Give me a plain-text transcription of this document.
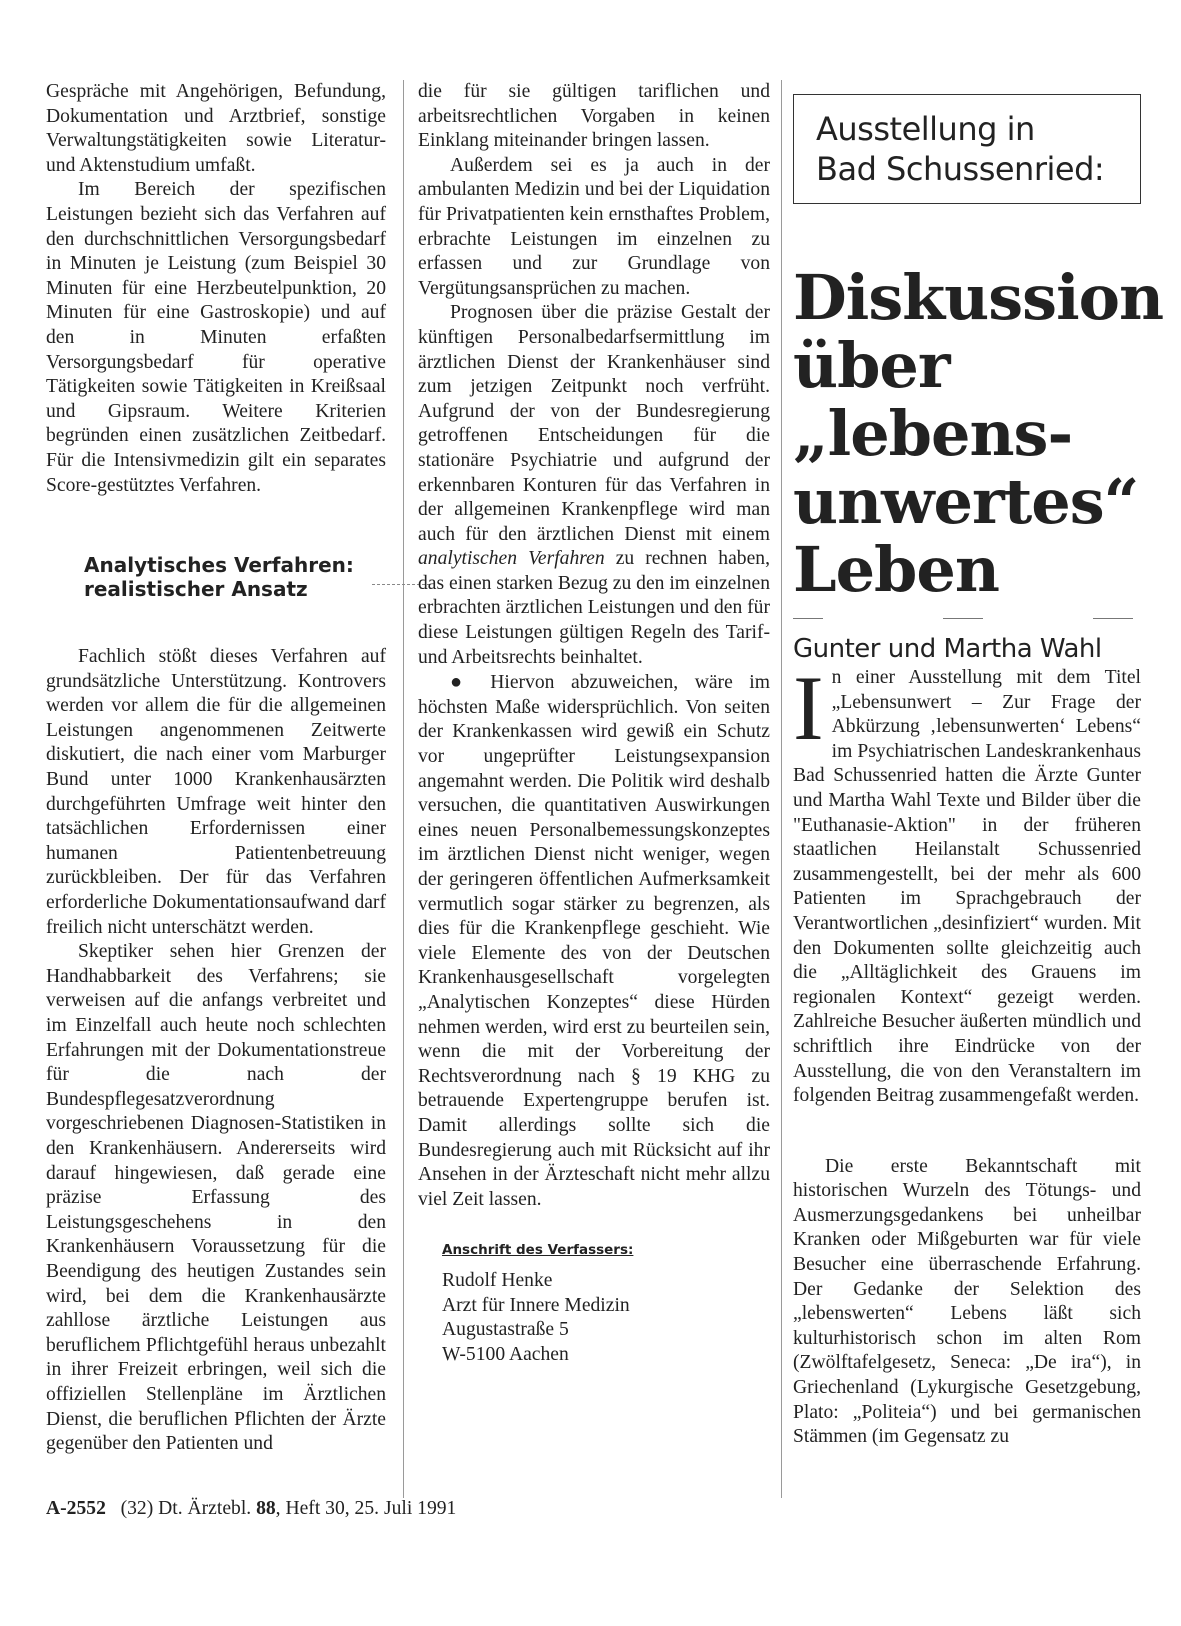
Gespräche mit Angehörigen, Befundung, Dokumentation und Arztbrief, sonstige Verwaltungstätigkeiten sowie Literatur- und Aktenstudium umfaßt.

Im Bereich der spezifischen Leistungen bezieht sich das Verfahren auf den durchschnittlichen Versorgungsbedarf in Minuten je Leistung (zum Beispiel 30 Minuten für eine Herzbeutelpunktion, 20 Minuten für eine Gastroskopie) und auf den in Minuten erfaßten Versorgungsbedarf für operative Tätigkeiten sowie Tätigkeiten in Kreißsaal und Gipsraum. Weitere Kriterien begründen einen zusätzlichen Zeitbedarf. Für die Intensivmedizin gilt ein separates Score-gestütztes Verfahren.

Analytisches Verfahren:
realistischer Ansatz

Fachlich stößt dieses Verfahren auf grundsätzliche Unterstützung. Kontrovers werden vor allem die für die allgemeinen Leistungen angenommenen Zeitwerte diskutiert, die nach einer vom Marburger Bund unter 1000 Krankenhausärzten durchgeführten Umfrage weit hinter den tatsächlichen Erfordernissen einer humanen Patientenbetreuung zurückbleiben. Der für das Verfahren erforderliche Dokumentationsaufwand darf freilich nicht unterschätzt werden.

Skeptiker sehen hier Grenzen der Handhabbarkeit des Verfahrens; sie verweisen auf die anfangs verbreitet und im Einzelfall auch heute noch schlechten Erfahrungen mit der Dokumentationstreue für die nach der Bundespflegesatzverordnung vorgeschriebenen Diagnosen-Statistiken in den Krankenhäusern. Andererseits wird darauf hingewiesen, daß gerade eine präzise Erfassung des Leistungsgeschehens in den Krankenhäusern Voraussetzung für die Beendigung des heutigen Zustandes sein wird, bei dem die Krankenhausärzte zahllose ärztliche Leistungen aus beruflichem Pflichtgefühl heraus unbezahlt in ihrer Freizeit erbringen, weil sich die offiziellen Stellenpläne im Ärztlichen Dienst, die beruflichen Pflichten der Ärzte gegenüber den Patienten und

die für sie gültigen tariflichen und arbeitsrechtlichen Vorgaben in keinen Einklang miteinander bringen lassen.

Außerdem sei es ja auch in der ambulanten Medizin und bei der Liquidation für Privatpatienten kein ernsthaftes Problem, erbrachte Leistungen im einzelnen zu erfassen und zur Grundlage von Vergütungsansprüchen zu machen.

Prognosen über die präzise Gestalt der künftigen Personalbedarfsermittlung im ärztlichen Dienst der Krankenhäuser sind zum jetzigen Zeitpunkt noch verfrüht. Aufgrund der von der Bundesregierung getroffenen Entscheidungen für die stationäre Psychiatrie und aufgrund der erkennbaren Konturen für das Verfahren in der allgemeinen Krankenpflege wird man auch für den ärztlichen Dienst mit einem analytischen Verfahren zu rechnen haben, das einen starken Bezug zu den im einzelnen erbrachten ärztlichen Leistungen und den für diese Leistungen gültigen Regeln des Tarif- und Arbeitsrechts beinhaltet.

● Hiervon abzuweichen, wäre im höchsten Maße widersprüchlich. Von seiten der Krankenkassen wird gewiß ein Schutz vor ungeprüfter Leistungsexpansion angemahnt werden. Die Politik wird deshalb versuchen, die quantitativen Auswirkungen eines neuen Personalbemessungskonzeptes im ärztlichen Dienst nicht weniger, wegen der geringeren öffentlichen Aufmerksamkeit vermutlich sogar stärker zu begrenzen, als dies für die Krankenpflege geschieht. Wie viele Elemente des von der Deutschen Krankenhausgesellschaft vorgelegten „Analytischen Konzeptes“ diese Hürden nehmen werden, wird erst zu beurteilen sein, wenn die mit der Vorbereitung der Rechtsverordnung nach § 19 KHG zu betrauende Expertengruppe berufen ist. Damit allerdings sollte sich die Bundesregierung auch mit Rücksicht auf ihr Ansehen in der Ärzteschaft nicht mehr allzu viel Zeit lassen.

Anschrift des Verfassers:
Rudolf Henke
Arzt für Innere Medizin
Augustastraße 5
W-5100 Aachen
Ausstellung in
Bad Schussenried:
Diskussion
über
„lebens-
unwertes“
Leben
Gunter und Martha Wahl

In einer Ausstellung mit dem Titel „Lebensunwert – Zur Frage der Abkürzung ‚lebensunwerten‘ Lebens“ im Psychiatrischen Landeskrankenhaus Bad Schussenried hatten die Ärzte Gunter und Martha Wahl Texte und Bilder über die "Euthanasie-Aktion" in der früheren staatlichen Heilanstalt Schussenried zusammengestellt, bei der mehr als 600 Patienten im Sprachgebrauch der Verantwortlichen „desinfiziert“ wurden. Mit den Dokumenten sollte gleichzeitig auch die „Alltäglichkeit des Grauens im regionalen Kontext“ gezeigt werden. Zahlreiche Besucher äußerten mündlich und schriftlich ihre Eindrücke von der Ausstellung, die von den Veranstaltern im folgenden Beitrag zusammengefaßt werden.

Die erste Bekanntschaft mit historischen Wurzeln des Tötungs- und Ausmerzungsgedankens bei unheilbar Kranken oder Mißgeburten war für viele Besucher eine überraschende Erfahrung. Der Gedanke der Selektion des „lebenswerten“ Lebens läßt sich kulturhistorisch schon im alten Rom (Zwölftafelgesetz, Seneca: „De ira“), in Griechenland (Lykurgische Gesetzgebung, Plato: „Politeia“) und bei germanischen Stämmen (im Gegensatz zu

A-2552 (32) Dt. Ärztebl. 88, Heft 30, 25. Juli 1991
